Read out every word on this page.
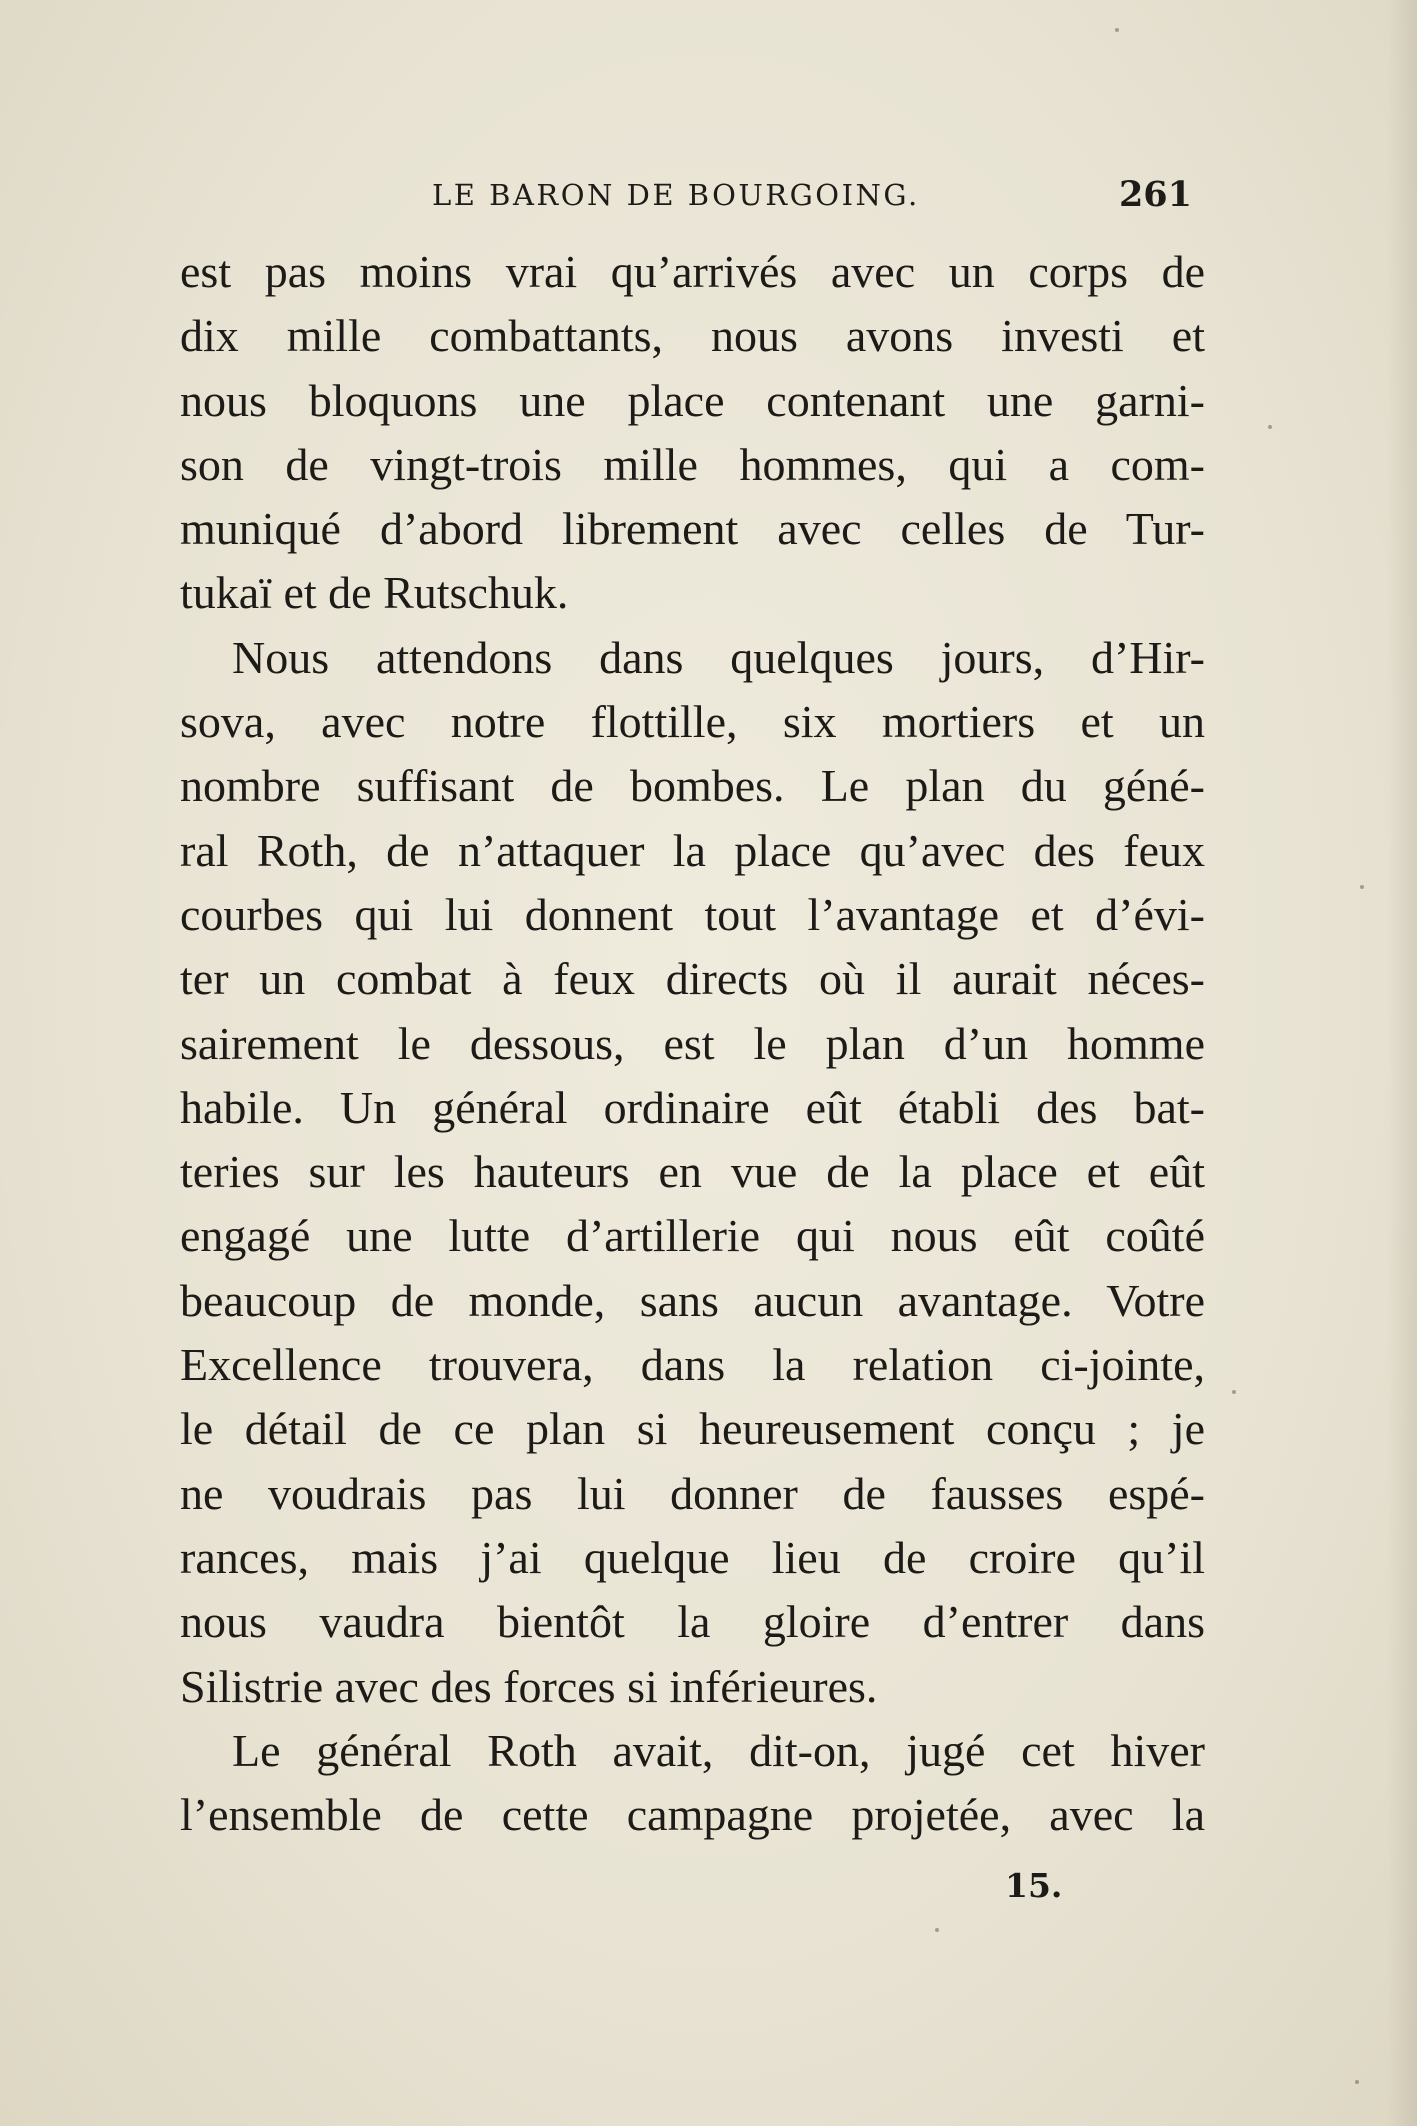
LE BARON DE BOURGOING.	261
est pas moins vrai qu’arrivés avec un corps de
dix mille combattants, nous avons investi et
nous bloquons une place contenant une garni-
son de vingt-trois mille hommes, qui a com-
muniqué d’abord librement avec celles de Tur-
tukaï et de Rutschuk.
Nous attendons dans quelques jours, d’Hir-
sova, avec notre flottille, six mortiers et un
nombre suffisant de bombes. Le plan du géné-
ral Roth, de n’attaquer la place qu’avec des feux
courbes qui lui donnent tout l’avantage et d’évi-
ter un combat à feux directs où il aurait néces-
sairement le dessous, est le plan d’un homme
habile. Un général ordinaire eût établi des bat-
teries sur les hauteurs en vue de la place et eût
engagé une lutte d’artillerie qui nous eût coûté
beaucoup de monde, sans aucun avantage. Votre
Excellence trouvera, dans la relation ci-jointe,
le détail de ce plan si heureusement conçu ; je
ne voudrais pas lui donner de fausses espé-
rances, mais j’ai quelque lieu de croire qu’il
nous vaudra bientôt la gloire d’entrer dans
Silistrie avec des forces si inférieures.
Le général Roth avait, dit-on, jugé cet hiver
l’ensemble de cette campagne projetée, avec la
15.
